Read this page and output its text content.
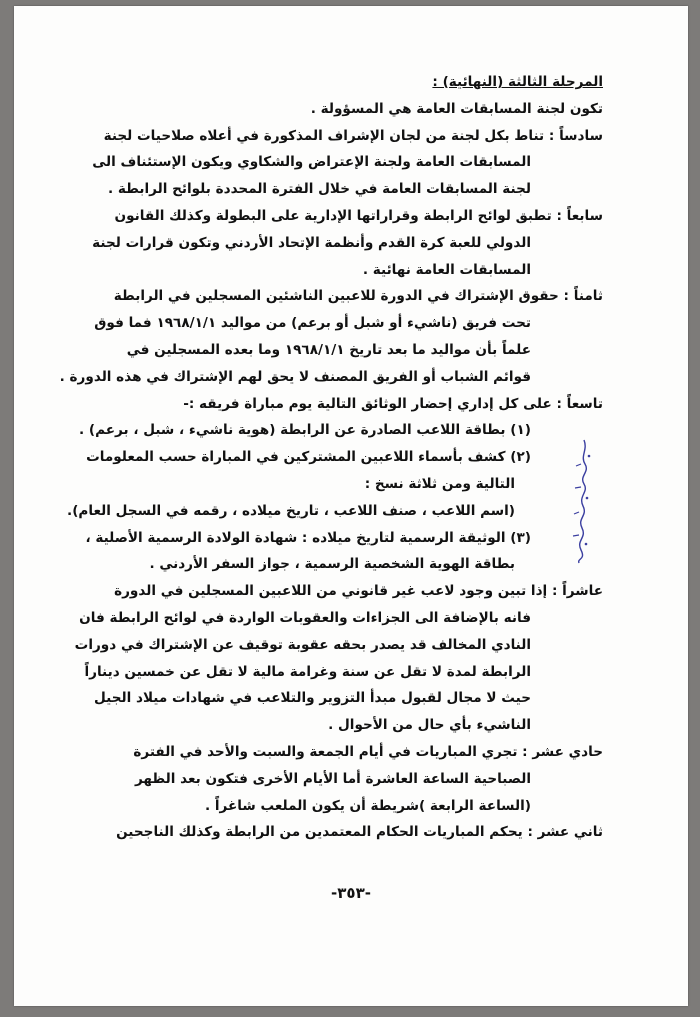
المرحلة الثالثة (النهائية) :
تكون لجنة المسابقات العامة هي المسؤولة .
سادساً : تناط بكل لجنة من لجان الإشراف المذكورة في أعلاه صلاحيات لجنة
المسابقات العامة ولجنة الإعتراض والشكاوي ويكون الإستئناف الى
لجنة المسابقات العامة في خلال الفترة المحددة بلوائح الرابطة .
سابعاً : تطبق لوائح الرابطة وقراراتها الإدارية على البطولة وكذلك القانون
الدولي للعبة كرة القدم وأنظمة الإتحاد الأردني وتكون قرارات لجنة
المسابقات العامة نهائية .
ثامناً : حقوق الإشتراك في الدورة للاعبين الناشئين المسجلين في الرابطة
تحت فريق (ناشيء أو شبل أو برعم) من مواليد ١٩٦٨/١/١ فما فوق
علماً بأن مواليد ما بعد تاريخ ١٩٦٨/١/١ وما بعده المسجلين في
قوائم الشباب أو الفريق المصنف لا يحق لهم الإشتراك في هذه الدورة .
تاسعاً : على كل إداري إحضار الوثائق التالية يوم مباراة فريقه :-
(١) بطاقة اللاعب الصادرة عن الرابطة (هوية ناشيء ، شبل ، برعم) .
(٢) كشف بأسماء اللاعبين المشتركين في المباراة حسب المعلومات
التالية ومن ثلاثة نسخ :
(اسم اللاعب ، صنف اللاعب ، تاريخ ميلاده ، رقمه في السجل العام).
(٣) الوثيقة الرسمية لتاريخ ميلاده : شهادة الولادة الرسمية الأصلية ،
بطاقة الهوية الشخصية الرسمية ، جواز السفر الأردني .
عاشراً : إذا تبين وجود لاعب غير قانوني من اللاعبين المسجلين في الدورة
فانه بالإضافة الى الجزاءات والعقوبات الواردة في لوائح الرابطة فان
النادي المخالف قد يصدر بحقه عقوبة توقيف عن الإشتراك في دورات
الرابطة لمدة لا تقل عن سنة وغرامة مالية لا تقل عن خمسين ديناراً
حيث لا مجال لقبول مبدأ التزوير والتلاعب في شهادات ميلاد الجيل
الناشيء بأي حال من الأحوال .
حادي عشر : تجري المباريات في أيام الجمعة والسبت والأحد في الفترة
الصباحية الساعة العاشرة أما الأيام الأخرى فتكون بعد الظهر
(الساعة الرابعة )شريطة أن يكون الملعب شاغراً .
ثاني عشر : يحكم المباريات الحكام المعتمدين من الرابطة وكذلك الناجحين
-٣٥٣-
